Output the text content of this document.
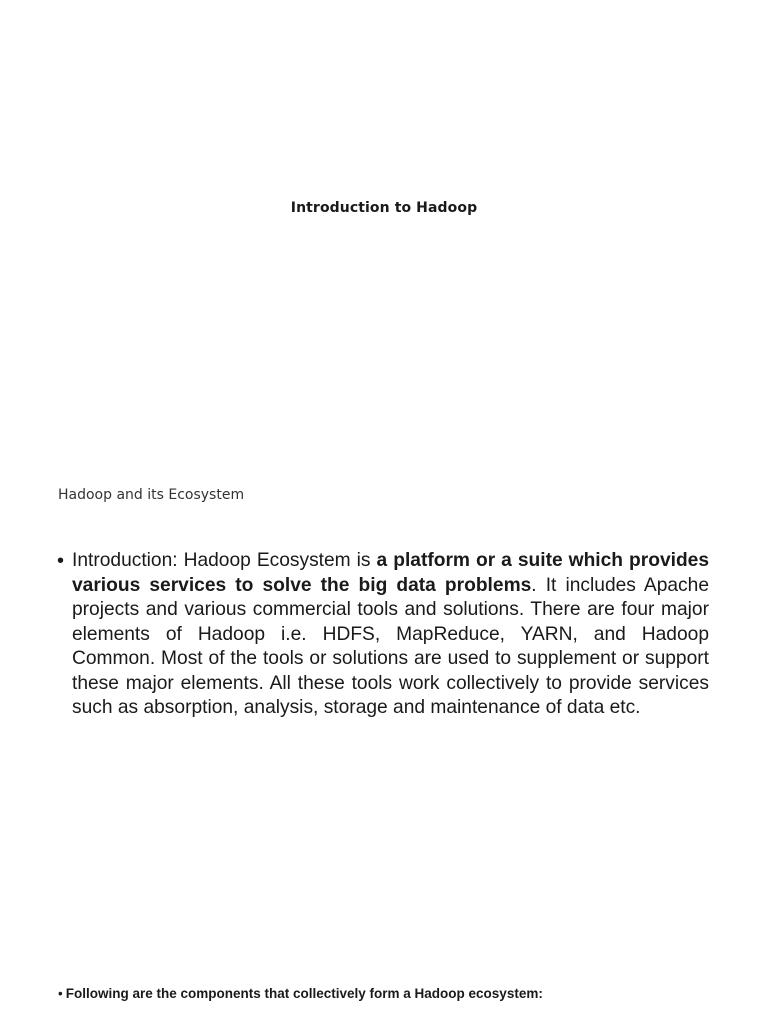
Introduction to Hadoop
Hadoop and its Ecosystem
• Introduction: Hadoop Ecosystem is a platform or a suite which provides various services to solve the big data problems. It includes Apache projects and various commercial tools and solutions. There are four major elements of Hadoop i.e. HDFS, MapReduce, YARN, and Hadoop Common. Most of the tools or solutions are used to supplement or support these major elements. All these tools work collectively to provide services such as absorption, analysis, storage and maintenance of data etc.
• Following are the components that collectively form a Hadoop ecosystem:
